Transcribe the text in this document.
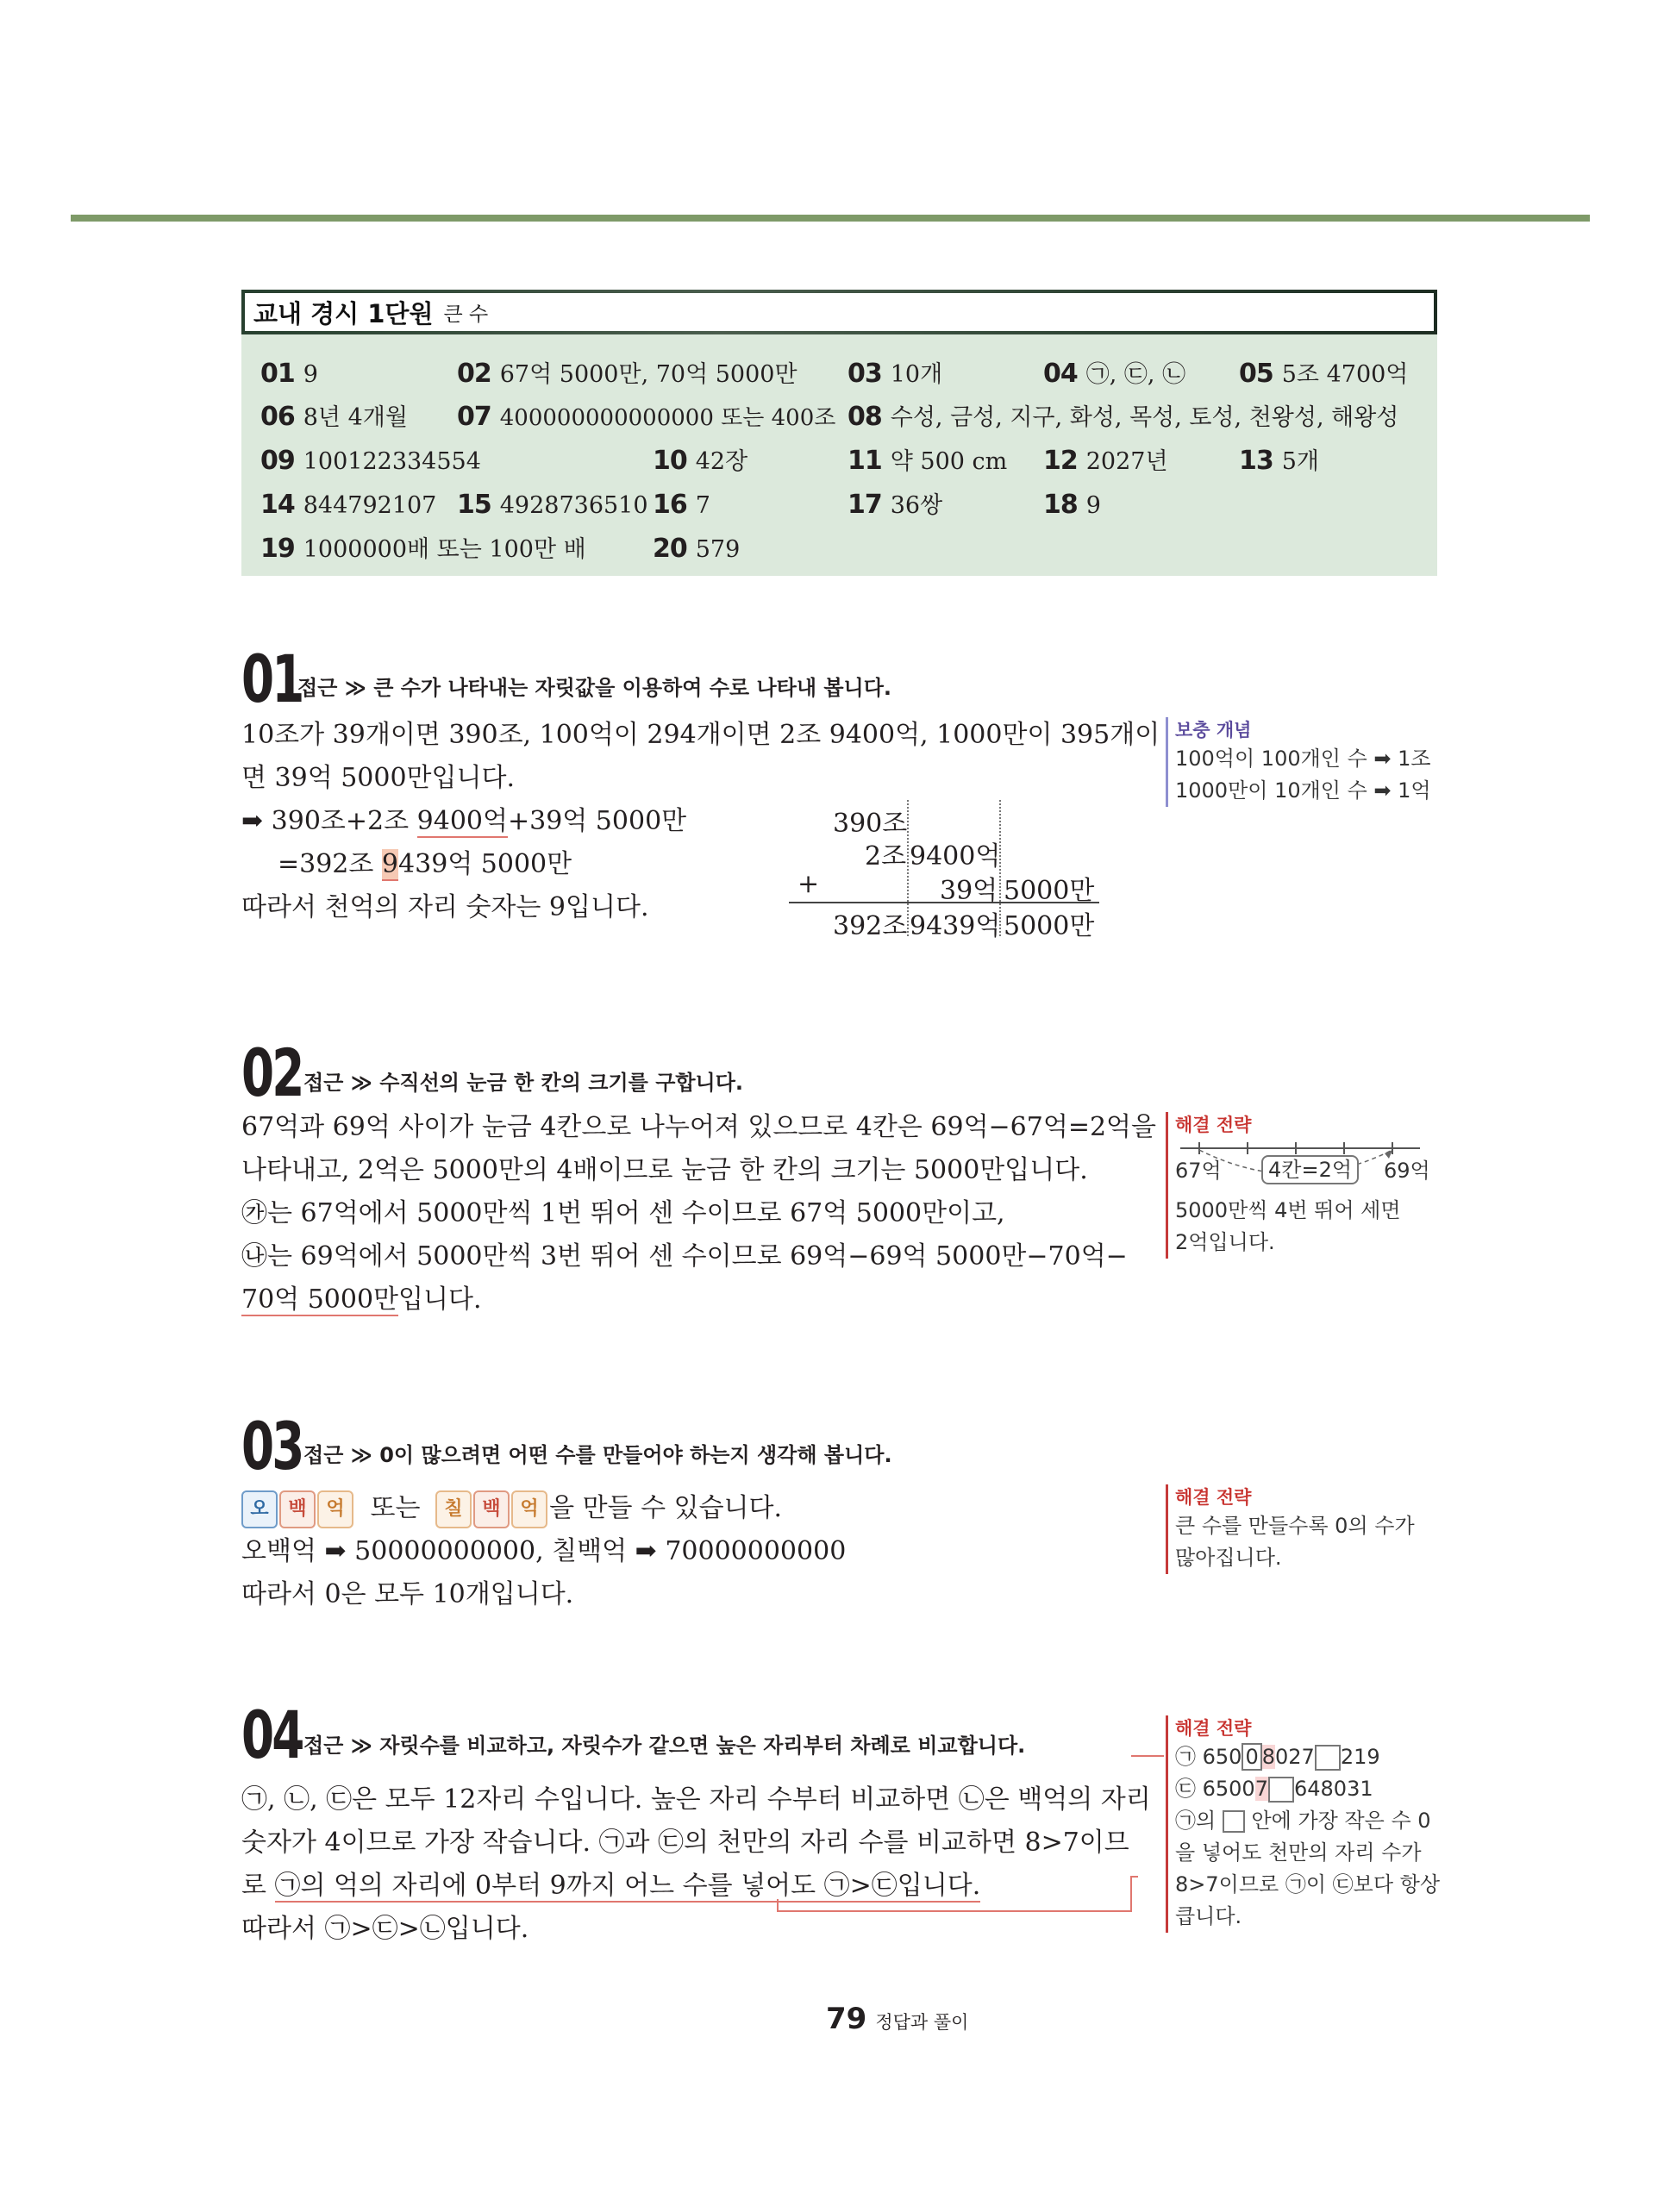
교내 경시 1단원 큰 수
01 9	02 67억 5000만, 70억 5000만 03 10개	04 ㉠, ㉢, ㉡ 05 5조 4700억
06 8년 4개월 07 400000000000000 또는 400조 08 수성, 금성, 지구, 화성, 목성, 토성, 천왕성, 해왕성
09 100122334554	10 42장	11 약 500 cm 12 2027년	13 5개
14 844792107 15 4928736510 16 7	17 36쌍	18 9
19 1000000배 또는 100만 배	20 579
01
접근 ≫ 큰 수가 나타내는 자릿값을 이용하여 수로 나타내 봅니다.
10조가 39개이면 390조, 100억이 294개이면 2조 9400억, 1000만이 395개이
면 39억 5000만입니다.
➡ 390조+2조 9400억+39억 5000만
=392조 9439억 5000만
따라서 천억의 자리 숫자는 9입니다.
390조
2조 9400억
+	39억 5000만
392조 9439억 5000만
보충 개념
100억이 100개인 수 ➡ 1조
1000만이 10개인 수 ➡ 1억
02 접근 ≫ 수직선의 눈금 한 칸의 크기를 구합니다.
67억과 69억 사이가 눈금 4칸으로 나누어져 있으므로 4칸은 69억−67억=2억을
나타내고, 2억은 5000만의 4배이므로 눈금 한 칸의 크기는 5000만입니다.
㉮는 67억에서 5000만씩 1번 뛰어 센 수이므로 67억 5000만이고,
㉯는 69억에서 5000만씩 3번 뛰어 센 수이므로 69억−69억 5000만−70억−
70억 5000만입니다.
해결 전략
67억	4칸=2억	69억
5000만씩 4번 뛰어 세면
2억입니다.
03 접근 ≫ 0이 많으려면 어떤 수를 만들어야 하는지 생각해 봅니다.
오 백 억 또는 칠 백 억 을 만들 수 있습니다.
오백억 ➡ 50000000000, 칠백억 ➡ 70000000000
따라서 0은 모두 10개입니다.
해결 전략
큰 수를 만들수록 0의 수가
많아집니다.
04 접근 ≫ 자릿수를 비교하고, 자릿수가 같으면 높은 자리부터 차례로 비교합니다.
㉠, ㉡, ㉢은 모두 12자리 수입니다. 높은 자리 수부터 비교하면 ㉡은 백억의 자리
숫자가 4이므로 가장 작습니다. ㉠과 ㉢의 천만의 자리 수를 비교하면 8>7이므
로 ㉠의 억의 자리에 0부터 9까지 어느 수를 넣어도 ㉠>㉢입니다.
따라서 ㉠>㉢>㉡입니다.
해결 전략
㉠ 650 0 8027 219
㉢ 65007 648031
㉠의 안에 가장 작은 수 0
을 넣어도 천만의 자리 수가
8>7이므로 ㉠이 ㉢보다 항상
큽니다.
79 정답과 풀이
